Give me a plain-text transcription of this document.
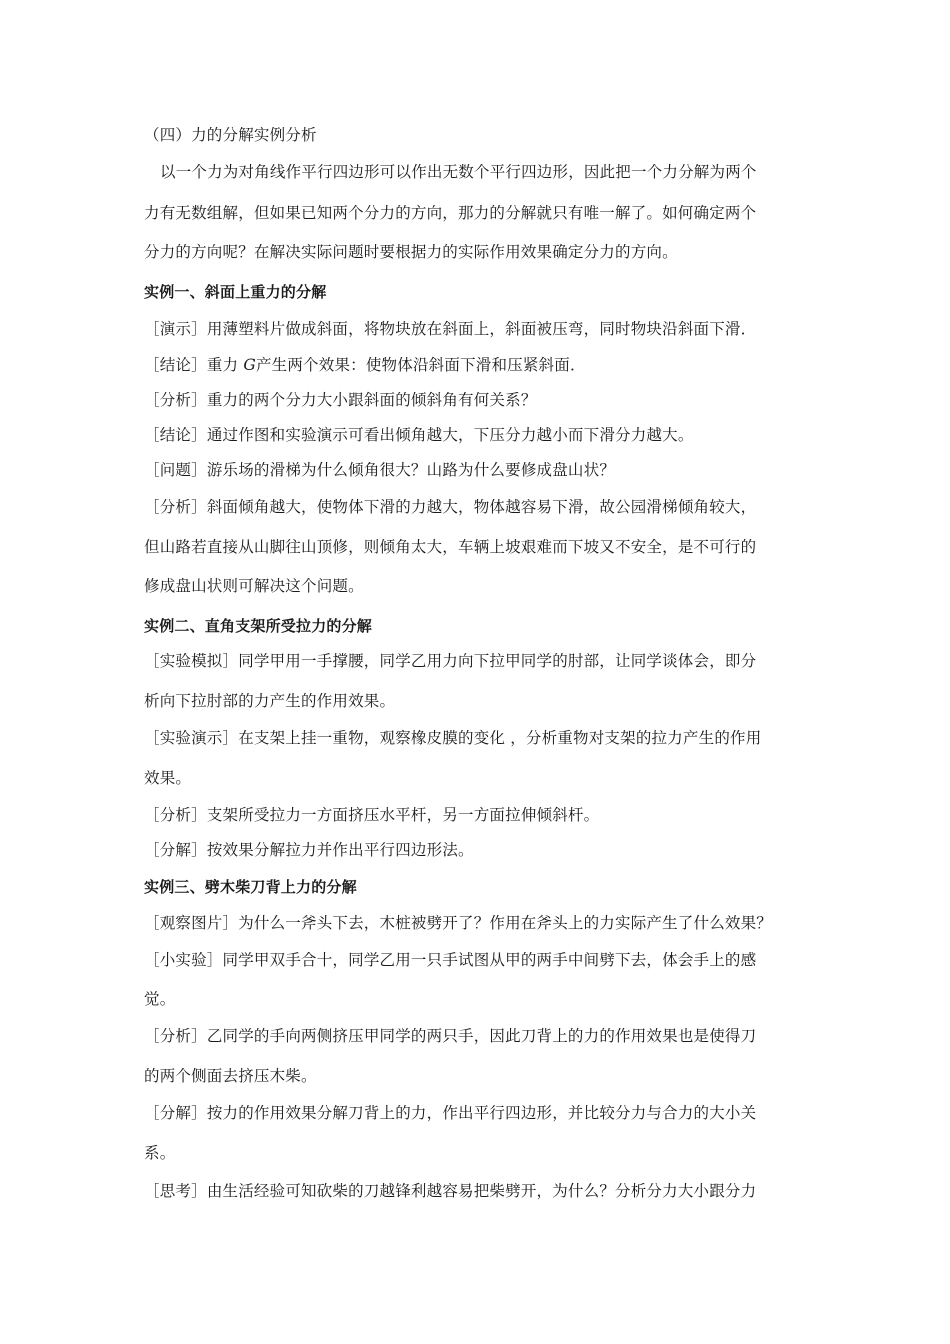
（四）力的分解实例分析
以一个力为对角线作平行四边形可以作出无数个平行四边形，因此把一个力分解为两个
力有无数组解，但如果已知两个分力的方向，那力的分解就只有唯一解了。如何确定两个
分力的方向呢？在解决实际问题时要根据力的实际作用效果确定分力的方向。
实例一、斜面上重力的分解
［演示］用薄塑料片做成斜面，将物块放在斜面上，斜面被压弯，同时物块沿斜面下滑．
［结论］重力 G产生两个效果：使物体沿斜面下滑和压紧斜面．
［分析］重力的两个分力大小跟斜面的倾斜角有何关系？
［结论］通过作图和实验演示可看出倾角越大，下压分力越小而下滑分力越大。
［问题］游乐场的滑梯为什么倾角很大？山路为什么要修成盘山状？
［分析］斜面倾角越大，使物体下滑的力越大，物体越容易下滑，故公园滑梯倾角较大，
但山路若直接从山脚往山顶修，则倾角太大，车辆上坡艰难而下坡又不安全，是不可行的
修成盘山状则可解决这个问题。
实例二、直角支架所受拉力的分解
［实验模拟］同学甲用一手撑腰，同学乙用力向下拉甲同学的肘部，让同学谈体会，即分
析向下拉肘部的力产生的作用效果。
［实验演示］在支架上挂一重物，观察橡皮膜的变化 ，分析重物对支架的拉力产生的作用
效果。
［分析］支架所受拉力一方面挤压水平杆，另一方面拉伸倾斜杆。
［分解］按效果分解拉力并作出平行四边形法。
实例三、劈木柴刀背上力的分解
［观察图片］为什么一斧头下去，木桩被劈开了？作用在斧头上的力实际产生了什么效果？
［小实验］同学甲双手合十，同学乙用一只手试图从甲的两手中间劈下去，体会手上的感
觉。
［分析］乙同学的手向两侧挤压甲同学的两只手，因此刀背上的力的作用效果也是使得刀
的两个侧面去挤压木柴。
［分解］按力的作用效果分解刀背上的力，作出平行四边形，并比较分力与合力的大小关
系。
［思考］由生活经验可知砍柴的刀越锋利越容易把柴劈开，为什么？分析分力大小跟分力
